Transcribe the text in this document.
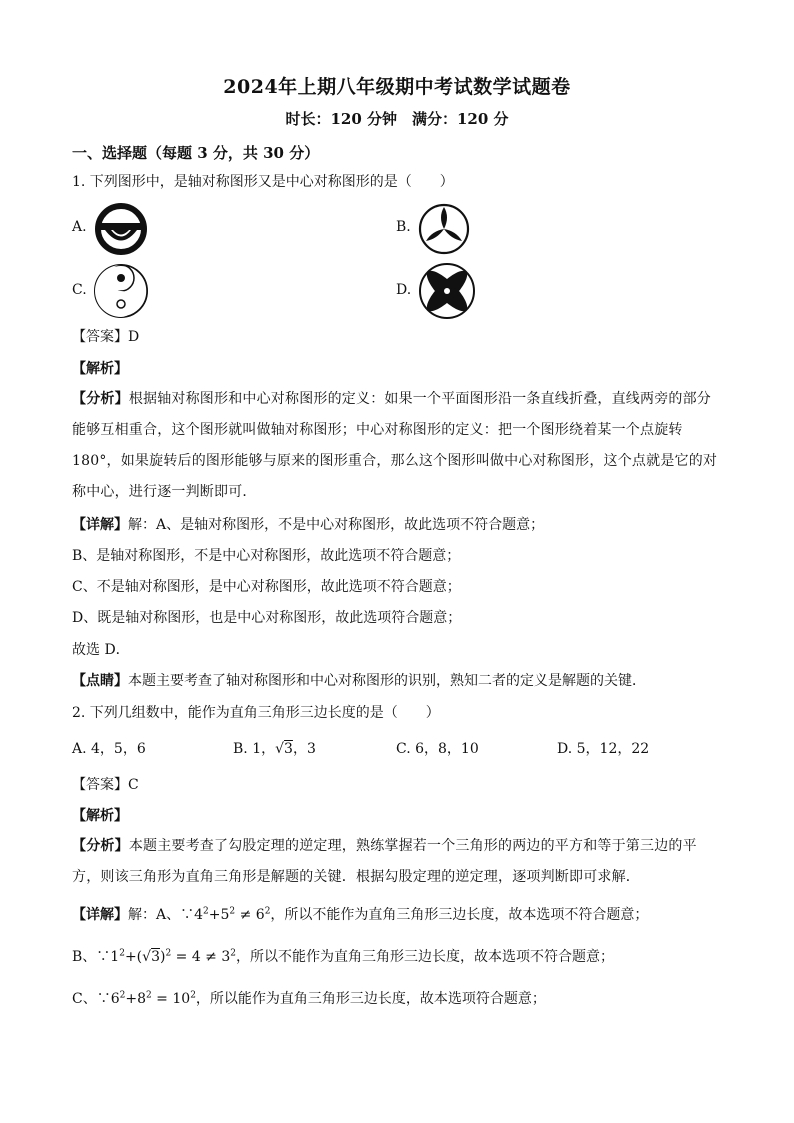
2024年上期八年级期中考试数学试题卷
时长：120 分钟　满分：120 分
一、选择题（每题 3 分，共 30 分）
1. 下列图形中，是轴对称图形又是中心对称图形的是（　　）
A.	B.
C.	D.
【答案】D
【解析】
【分析】根据轴对称图形和中心对称图形的定义：如果一个平面图形沿一条直线折叠，直线两旁的部分能够互相重合，这个图形就叫做轴对称图形；中心对称图形的定义：把一个图形绕着某一个点旋转 180°，如果旋转后的图形能够与原来的图形重合，那么这个图形叫做中心对称图形，这个点就是它的对称中心，进行逐一判断即可．
【详解】解：A、是轴对称图形，不是中心对称图形，故此选项不符合题意；
B、是轴对称图形，不是中心对称图形，故此选项不符合题意；
C、不是轴对称图形，是中心对称图形，故此选项不符合题意；
D、既是轴对称图形，也是中心对称图形，故此选项符合题意；
故选 D．
【点睛】本题主要考查了轴对称图形和中心对称图形的识别，熟知二者的定义是解题的关键．
2. 下列几组数中，能作为直角三角形三边长度的是（　　）
A. 4，5，6	B. 1，√3，3	C. 6，8，10	D. 5，12，22
【答案】C
【解析】
【分析】本题主要考查了勾股定理的逆定理，熟练掌握若一个三角形的两边的平方和等于第三边的平方，则该三角形为直角三角形是解题的关键．根据勾股定理的逆定理，逐项判断即可求解．
【详解】解：A、$\because 4^2+5^2 \ne 6^2$，所以不能作为直角三角形三边长度，故本选项不符合题意；
B、$\because 1^2+(√3)^2 = 4 \ne 3^2$，所以不能作为直角三角形三边长度，故本选项不符合题意；
C、$\because 6^2+8^2 = 10^2$，所以能作为直角三角形三边长度，故本选项符合题意；
